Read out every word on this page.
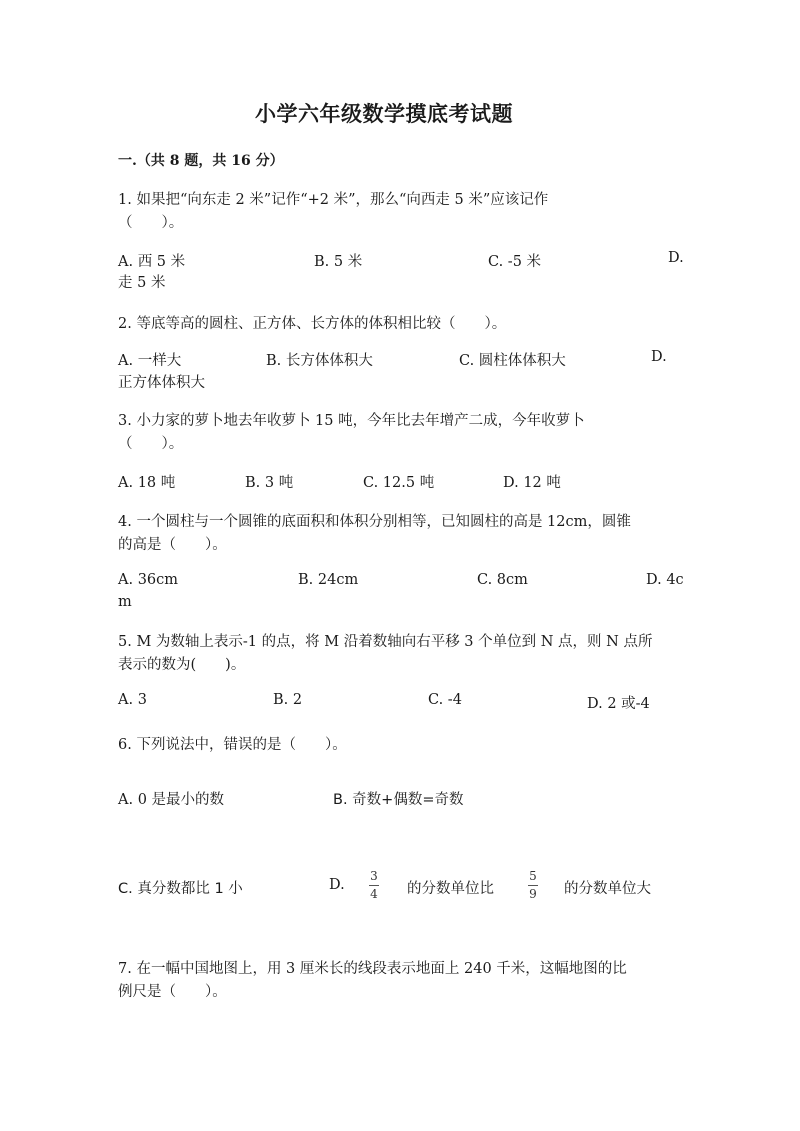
小学六年级数学摸底考试题
一.（共 8 题，共 16 分）
1. 如果把“向东走 2 米”记作“+2 米”，那么“向西走 5 米”应该记作
（　　）。
A. 西 5 米	B. 5 米	C. -5 米	D.
走 5 米
2. 等底等高的圆柱、正方体、长方体的体积相比较（　　）。
A. 一样大	B. 长方体体积大	C. 圆柱体体积大	D.
正方体体积大
3. 小力家的萝卜地去年收萝卜 15 吨，今年比去年增产二成，今年收萝卜
（　　）。
A. 18 吨	B. 3 吨	C. 12.5 吨	D. 12 吨
4. 一个圆柱与一个圆锥的底面积和体积分别相等，已知圆柱的高是 12cm，圆锥
的高是（　　）。
A. 36cm	B. 24cm	C. 8cm	D. 4c
m
5. M 为数轴上表示-1 的点，将 M 沿着数轴向右平移 3 个单位到 N 点，则 N 点所
表示的数为(　　)。
A. 3	B. 2	C. -4	D. 2 或-4
6. 下列说法中，错误的是（　　）。
A. 0 是最小的数	B. 奇数+偶数=奇数
C. 真分数都比 1 小	D.
3
4 的分数单位比
5
9 的分数单位大
7. 在一幅中国地图上，用 3 厘米长的线段表示地面上 240 千米，这幅地图的比
例尺是（　　）。
